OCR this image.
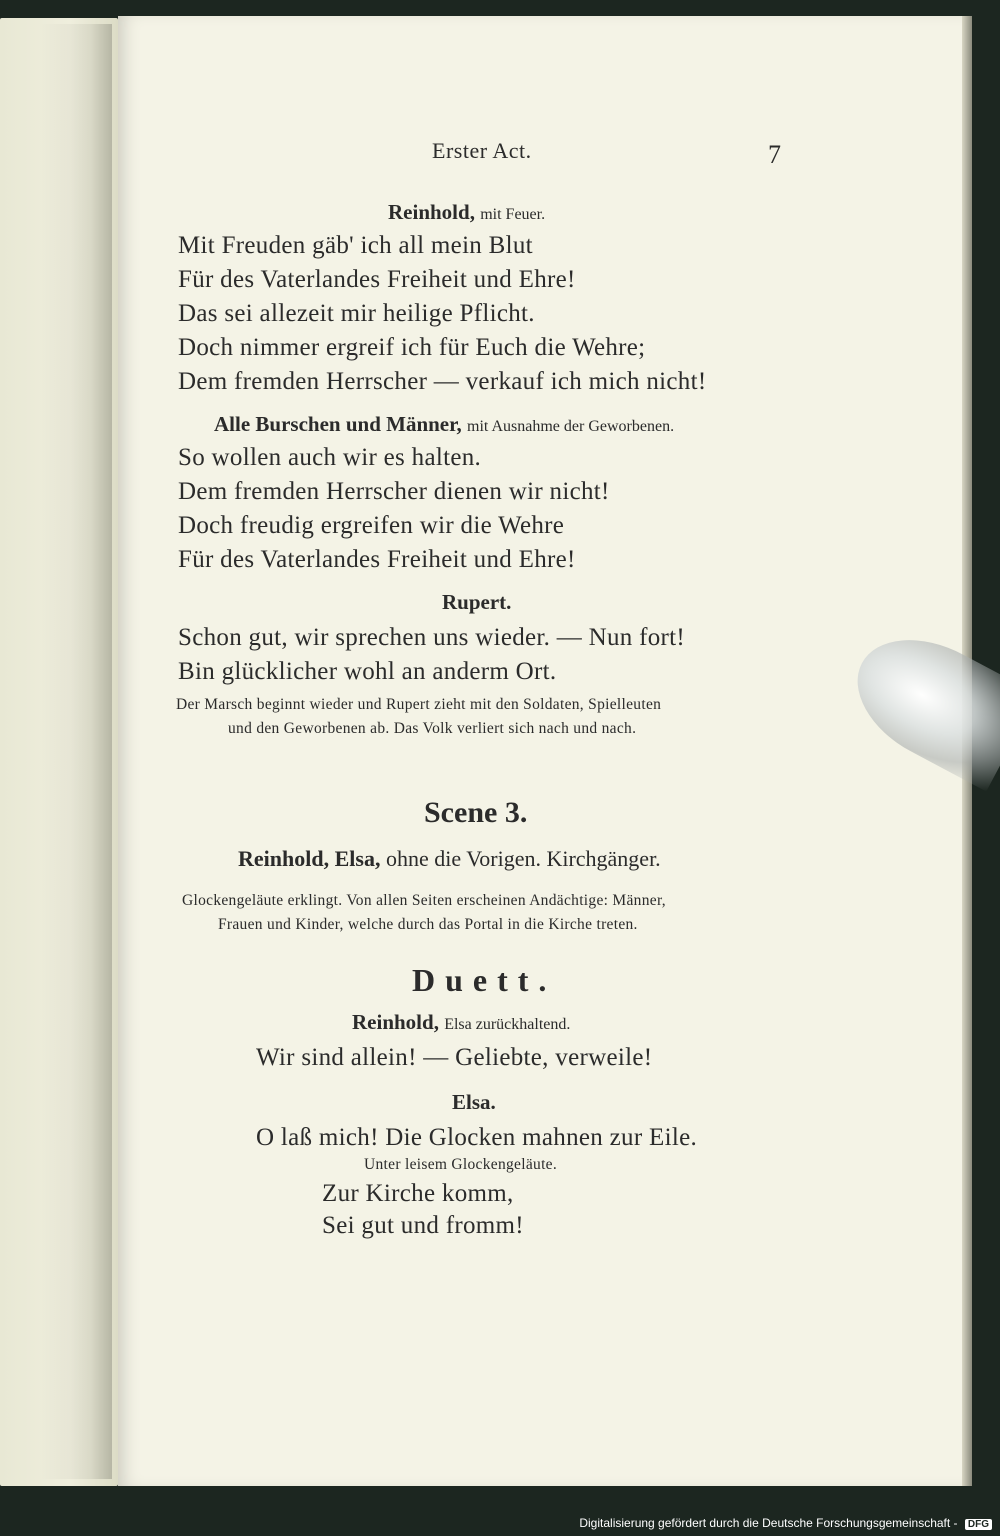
Erster Act.	7
Reinhold, mit Feuer.
Mit Freuden gäb' ich all mein Blut
Für des Vaterlandes Freiheit und Ehre!
Das sei allezeit mir heilige Pflicht.
Doch nimmer ergreif ich für Euch die Wehre;
Dem fremden Herrscher — verkauf ich mich nicht!
Alle Burschen und Männer, mit Ausnahme der Geworbenen.
So wollen auch wir es halten.
Dem fremden Herrscher dienen wir nicht!
Doch freudig ergreifen wir die Wehre
Für des Vaterlandes Freiheit und Ehre!
Rupert.
Schon gut, wir sprechen uns wieder. — Nun fort!
Bin glücklicher wohl an anderm Ort.
Der Marsch beginnt wieder und Rupert zieht mit den Soldaten, Spielleuten
und den Geworbenen ab. Das Volk verliert sich nach und nach.
Scene 3.
Reinhold, Elsa, ohne die Vorigen. Kirchgänger.
Glockengeläute erklingt. Von allen Seiten erscheinen Andächtige: Männer,
Frauen und Kinder, welche durch das Portal in die Kirche treten.
Duett.
Reinhold, Elsa zurückhaltend.
Wir sind allein! — Geliebte, verweile!
Elsa.
O laß mich! Die Glocken mahnen zur Eile.
Unter leisem Glockengeläute.
Zur Kirche komm,
Sei gut und fromm!
Digitalisierung gefördert durch die Deutsche Forschungsgemeinschaft - DFG
